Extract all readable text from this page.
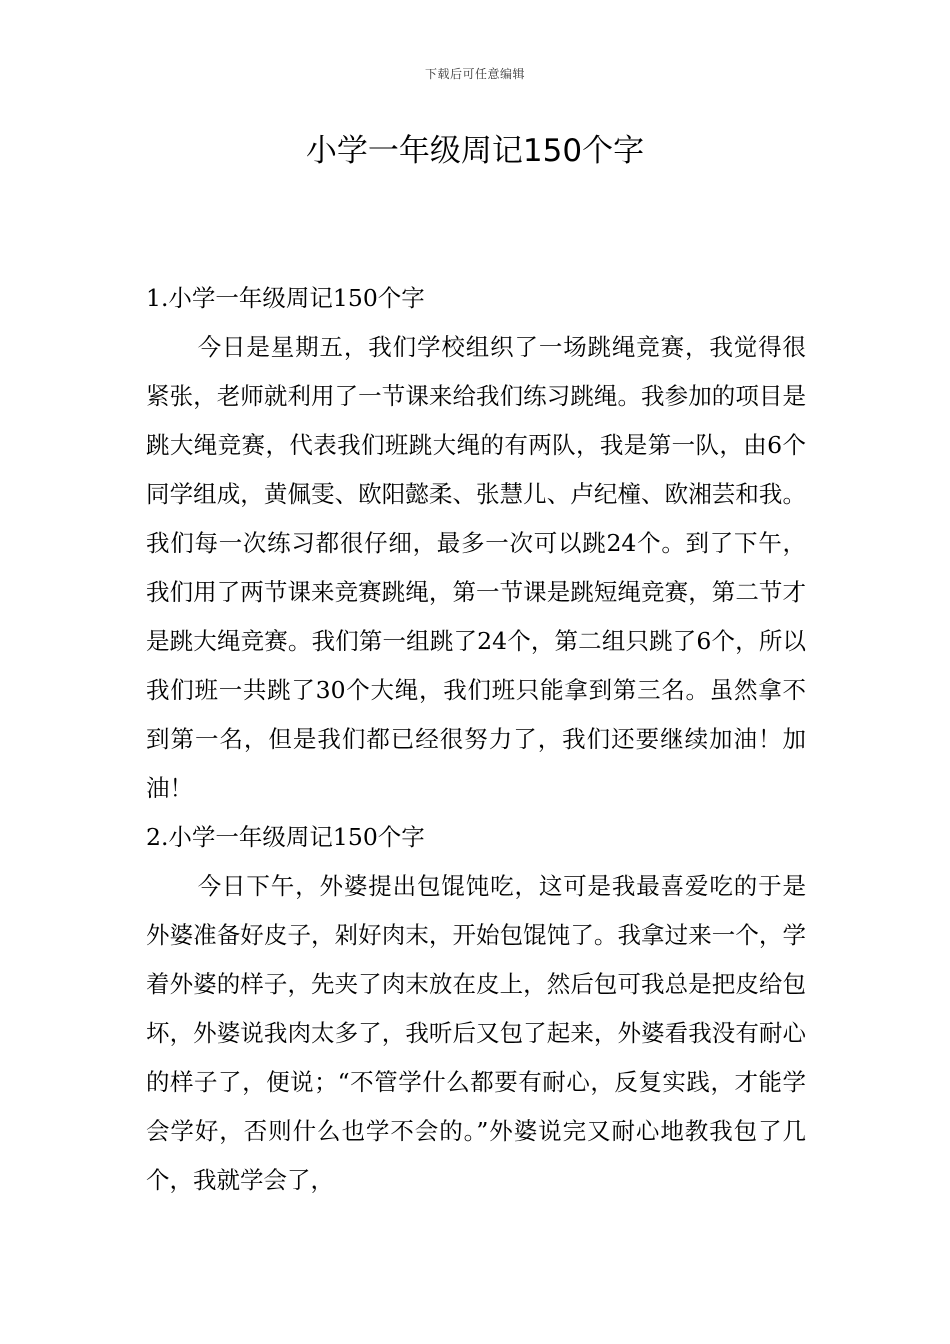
下载后可任意编辑
小学一年级周记150个字

1.小学一年级周记150个字

今日是星期五，我们学校组织了一场跳绳竞赛，我觉得很紧张，老师就利用了一节课来给我们练习跳绳。我参加的项目是跳大绳竞赛，代表我们班跳大绳的有两队，我是第一队，由6个同学组成，黄佩雯、欧阳懿柔、张慧儿、卢纪橦、欧湘芸和我。我们每一次练习都很仔细，最多一次可以跳24个。到了下午，我们用了两节课来竞赛跳绳，第一节课是跳短绳竞赛，第二节才是跳大绳竞赛。我们第一组跳了24个，第二组只跳了6个，所以我们班一共跳了30个大绳，我们班只能拿到第三名。虽然拿不到第一名，但是我们都已经很努力了，我们还要继续加油！加油！

2.小学一年级周记150个字

今日下午，外婆提出包馄饨吃，这可是我最喜爱吃的于是外婆准备好皮子，剁好肉末，开始包馄饨了。我拿过来一个，学着外婆的样子，先夹了肉末放在皮上，然后包可我总是把皮给包坏，外婆说我肉太多了，我听后又包了起来，外婆看我没有耐心的样子了，便说；“不管学什么都要有耐心，反复实践，才能学会学好，否则什么也学不会的。”外婆说完又耐心地教我包了几个，我就学会了，
